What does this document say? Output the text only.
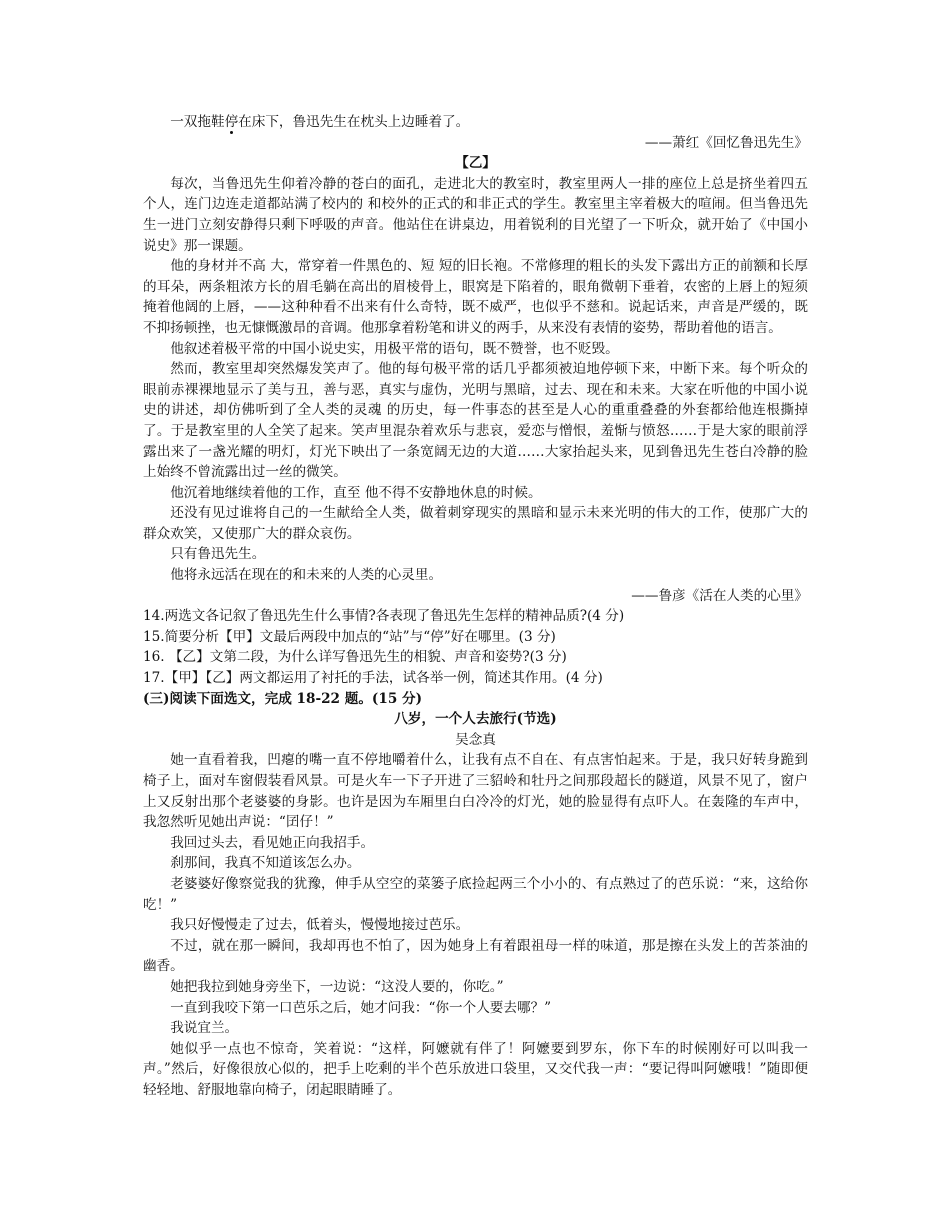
一双拖鞋停在床下，鲁迅先生在枕头上边睡着了。

——萧红《回忆鲁迅先生》

【乙】

每次，当鲁迅先生仰着冷静的苍白的面孔，走进北大的教室时，教室里两人一排的座位上总是挤坐着四五个人，连门边连走道都站满了校内的 和校外的正式的和非正式的学生。教室里主宰着极大的喧闹。但当鲁迅先生一进门立刻安静得只剩下呼吸的声音。他站住在讲桌边，用着锐利的目光望了一下听众，就开始了《中国小说史》那一课题。

他的身材并不高 大，常穿着一件黑色的、短 短的旧长袍。不常修理的粗长的头发下露出方正的前额和长厚的耳朵，两条粗浓方长的眉毛躺在高出的眉棱骨上，眼窝是下陷着的，眼角微朝下垂着，农密的上唇上的短须掩着他阔的上唇，——这种种看不出来有什么奇特，既不威严，也似乎不慈和。说起话来，声音是严缓的，既不抑扬顿挫，也无慷慨激昂的音调。他那拿着粉笔和讲义的两手，从来没有表情的姿势，帮助着他的语言。

他叙述着极平常的中国小说史实，用极平常的语句，既不赞誉，也不贬毁。

然而，教室里却突然爆发笑声了。他的每句极平常的话几乎都须被迫地停顿下来，中断下来。每个听众的眼前赤裸裸地显示了美与丑，善与恶，真实与虚伪，光明与黑暗，过去、现在和未来。大家在听他的中国小说史的讲述，却仿佛听到了全人类的灵魂 的历史，每一件事态的甚至是人心的重重叠叠的外套都给他连根撕掉了。于是教室里的人全笑了起来。笑声里混杂着欢乐与悲哀，爱恋与憎恨，羞惭与愤怒……于是大家的眼前浮露出来了一盏光耀的明灯，灯光下映出了一条宽阔无边的大道……大家抬起头来，见到鲁迅先生苍白冷静的脸上始终不曾流露出过一丝的微笑。

他沉着地继续着他的工作，直至 他不得不安静地休息的时候。

还没有见过谁将自己的一生献给全人类，做着刺穿现实的黑暗和显示未来光明的伟大的工作，使那广大的群众欢笑，又使那广大的群众哀伤。

只有鲁迅先生。

他将永远活在现在的和未来的人类的心灵里。

——鲁彦《活在人类的心里》

14.两选文各记叙了鲁迅先生什么事情?各表现了鲁迅先生怎样的精神品质?(4 分)

15.简要分析【甲】文最后两段中加点的“站”与“停”好在哪里。(3 分)

16. 【乙】文第二段，为什么详写鲁迅先生的相貌、声音和姿势?(3 分)

17.【甲】【乙】两文都运用了衬托的手法，试各举一例，简述其作用。(4 分)

(三)阅读下面选文，完成 18-22 题。(15 分)

八岁，一个人去旅行(节选)

吴念真

她一直看着我，凹瘪的嘴一直不停地嚼着什么，让我有点不自在、有点害怕起来。于是，我只好转身跪到椅子上，面对车窗假装看风景。可是火车一下子开进了三貂岭和牡丹之间那段超长的隧道，风景不见了，窗户上又反射出那个老婆婆的身影。也许是因为车厢里白白冷冷的灯光，她的脸显得有点吓人。在轰隆的车声中，我忽然听见她出声说：“囝仔！”

我回过头去，看见她正向我招手。

刹那间，我真不知道该怎么办。

老婆婆好像察觉我的犹豫，伸手从空空的菜篓子底捡起两三个小小的、有点熟过了的芭乐说：“来，这给你吃！”

我只好慢慢走了过去，低着头，慢慢地接过芭乐。

不过，就在那一瞬间，我却再也不怕了，因为她身上有着跟祖母一样的味道，那是擦在头发上的苦茶油的幽香。

她把我拉到她身旁坐下，一边说：“这没人要的，你吃。”

一直到我咬下第一口芭乐之后，她才问我：“你一个人要去哪？”

我说宜兰。

她似乎一点也不惊奇，笑着说：“这样，阿嬷就有伴了！阿嬷要到罗东，你下车的时候刚好可以叫我一声。”然后，好像很放心似的，把手上吃剩的半个芭乐放进口袋里，又交代我一声：“要记得叫阿嬷哦！”随即便轻轻地、舒服地靠向椅子，闭起眼睛睡了。
